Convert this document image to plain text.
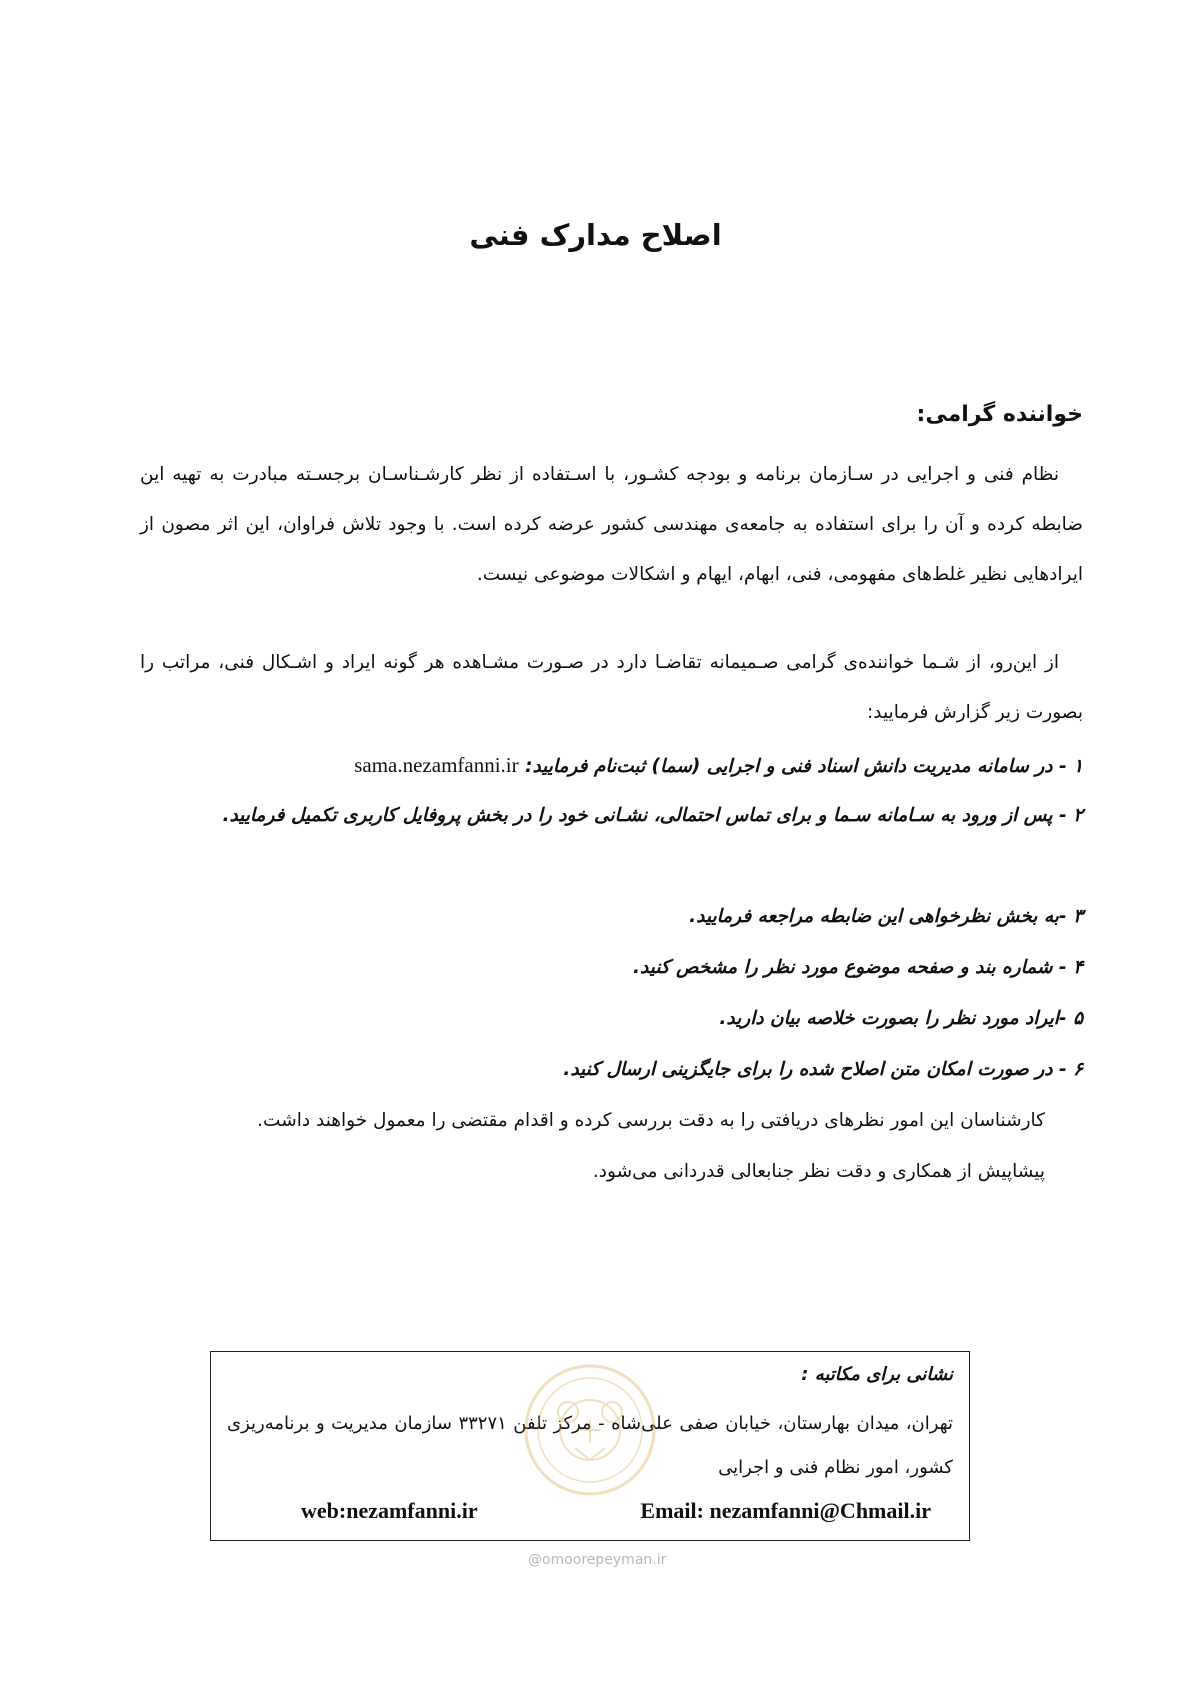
اصلاح مدارک فنی
خواننده گرامی:
نظام فنی و اجرایی در سـازمان برنامه و بودجه کشـور، با اسـتفاده از نظر کارشـناسـان برجسـته مبادرت به تهیه این ضابطه کرده و آن را برای استفاده به جامعه‌ی مهندسی کشور عرضه کرده است. با وجود تلاش فراوان، این اثر مصون از ایرادهایی نظیر غلط‌های مفهومی، فنی، ابهام، ایهام و اشکالات موضوعی نیست.
از این‌رو، از شـما خواننده‌ی گرامی صـمیمانه تقاضـا دارد در صـورت مشـاهده هر گونه ایراد و اشـکال فنی، مراتب را بصورت زیر گزارش فرمایید:
۱ - در سامانه مدیریت دانش اسناد فنی و اجرایی (سما) ثبت‌نام فرمایید: sama.nezamfanni.ir
۲ - پس از ورود به سـامانه سـما و برای تماس احتمالی، نشـانی خود را در بخش پروفایل کاربری تکمیل فرمایید.
۳ -به بخش نظرخواهی این ضابطه مراجعه فرمایید.
۴ - شماره بند و صفحه موضوع مورد نظر را مشخص کنید.
۵ -ایراد مورد نظر را بصورت خلاصه بیان دارید.
۶ - در صورت امکان متن اصلاح شده را برای جایگزینی ارسال کنید.
کارشناسان این امور نظرهای دریافتی را به دقت بررسی کرده و اقدام مقتضی را معمول خواهند داشت.
پیشاپیش از همکاری و دقت نظر جنابعالی قدردانی می‌شود.
نشانی برای مکاتبه :
تهران، میدان بهارستان، خیابان صفی علی‌شاه - مرکز تلفن ۳۳۲۷۱ سازمان مدیریت و برنامه‌ریزی کشور، امور نظام فنی و اجرایی
web:nezamfanni.ir	Email: nezamfanni@Chmail.ir
@omoorepeyman.ir
